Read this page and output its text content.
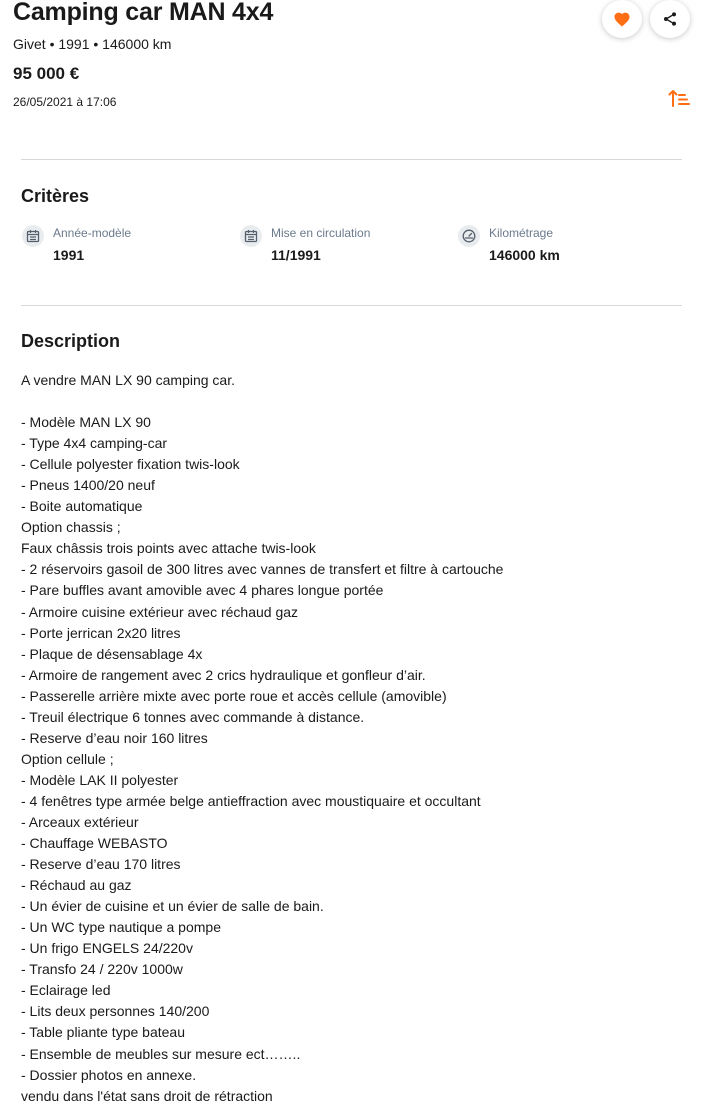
Camping car MAN 4x4
Givet • 1991 • 146000 km
95 000 €
26/05/2021 à 17:06
Critères
Année-modèle
1991
Mise en circulation
11/1991
Kilométrage
146000 km
Description

A vendre MAN LX 90 camping car.

- Modèle MAN LX 90

- Type 4x4 camping-car

- Cellule polyester fixation twis-look

- Pneus 1400/20 neuf

- Boite automatique

Option chassis ;

Faux châssis trois points avec attache twis-look

- 2 réservoirs gasoil de 300 litres avec vannes de transfert et filtre à cartouche

- Pare buffles avant amovible avec 4 phares longue portée

- Armoire cuisine extérieur avec réchaud gaz

- Porte jerrican 2x20 litres

- Plaque de désensablage 4x

- Armoire de rangement avec 2 crics hydraulique et gonfleur d’air.

- Passerelle arrière mixte avec porte roue et accès cellule (amovible)

- Treuil électrique 6 tonnes avec commande à distance.

- Reserve d’eau noir 160 litres

Option cellule ;

- Modèle LAK II polyester

- 4 fenêtres type armée belge antieffraction avec moustiquaire et occultant

- Arceaux extérieur

- Chauffage WEBASTO

- Reserve d’eau 170 litres

- Réchaud au gaz

- Un évier de cuisine et un évier de salle de bain.

- Un WC type nautique a pompe

- Un frigo ENGELS 24/220v

- Transfo 24 / 220v 1000w

- Eclairage led

- Lits deux personnes 140/200

- Table pliante type bateau

- Ensemble de meubles sur mesure ect……..

- Dossier photos en annexe.

vendu dans l'état sans droit de rétraction
